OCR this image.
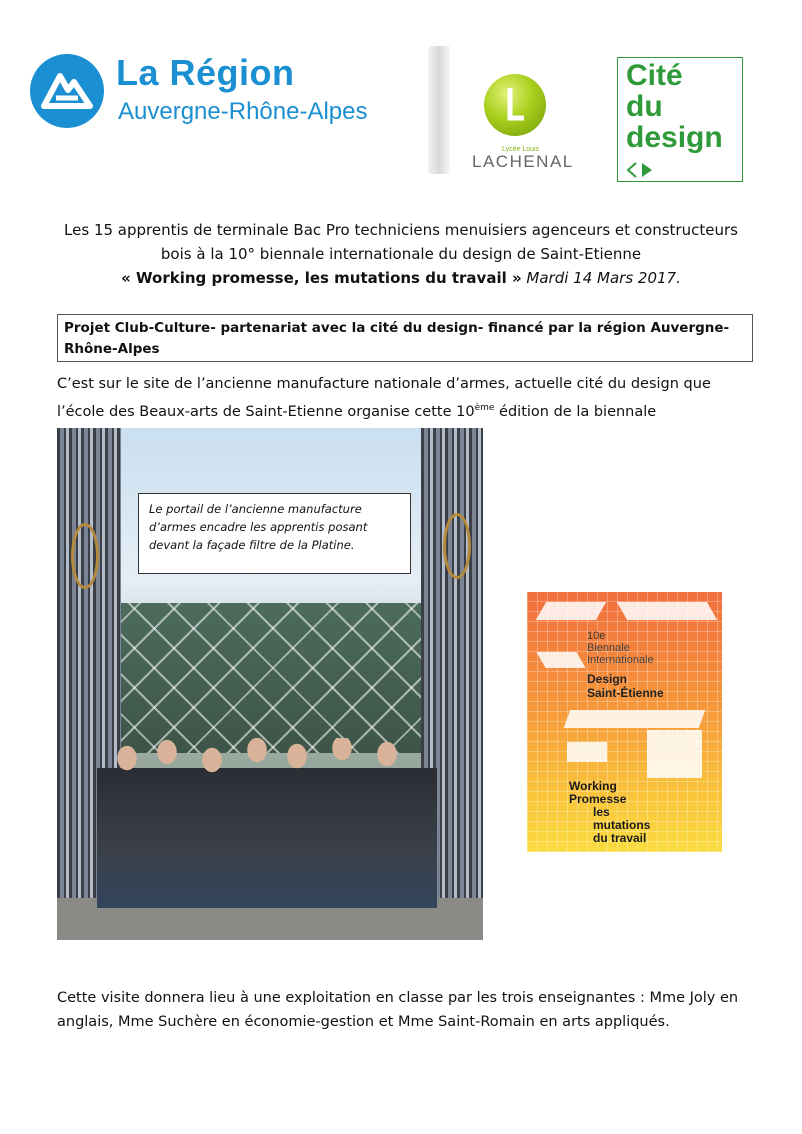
La Région
Auvergne-Rhône-Alpes
Lycée Louis
LACHENAL
Cité
du
design
Les 15 apprentis de terminale Bac Pro techniciens menuisiers agenceurs et constructeurs
bois à la 10° biennale internationale du design de Saint-Etienne
« Working promesse, les mutations du travail » Mardi 14 Mars 2017.
Projet Club-Culture- partenariat avec la cité du design- financé par la région Auvergne-Rhône-Alpes
C’est sur le site de l’ancienne manufacture nationale d’armes, actuelle cité du design que l’école des Beaux-arts de Saint-Etienne organise cette 10ème édition de la biennale
Le portail de l’ancienne manufacture d’armes encadre les apprentis posant devant la façade filtre de la Platine.
10e
Biennale
Internationale
Design
Saint-Étienne
Working
Promesse
les
mutations
du travail
Cette visite donnera lieu à une exploitation en classe par les trois enseignantes : Mme Joly en anglais, Mme Suchère en économie-gestion et Mme Saint-Romain en arts appliqués.
